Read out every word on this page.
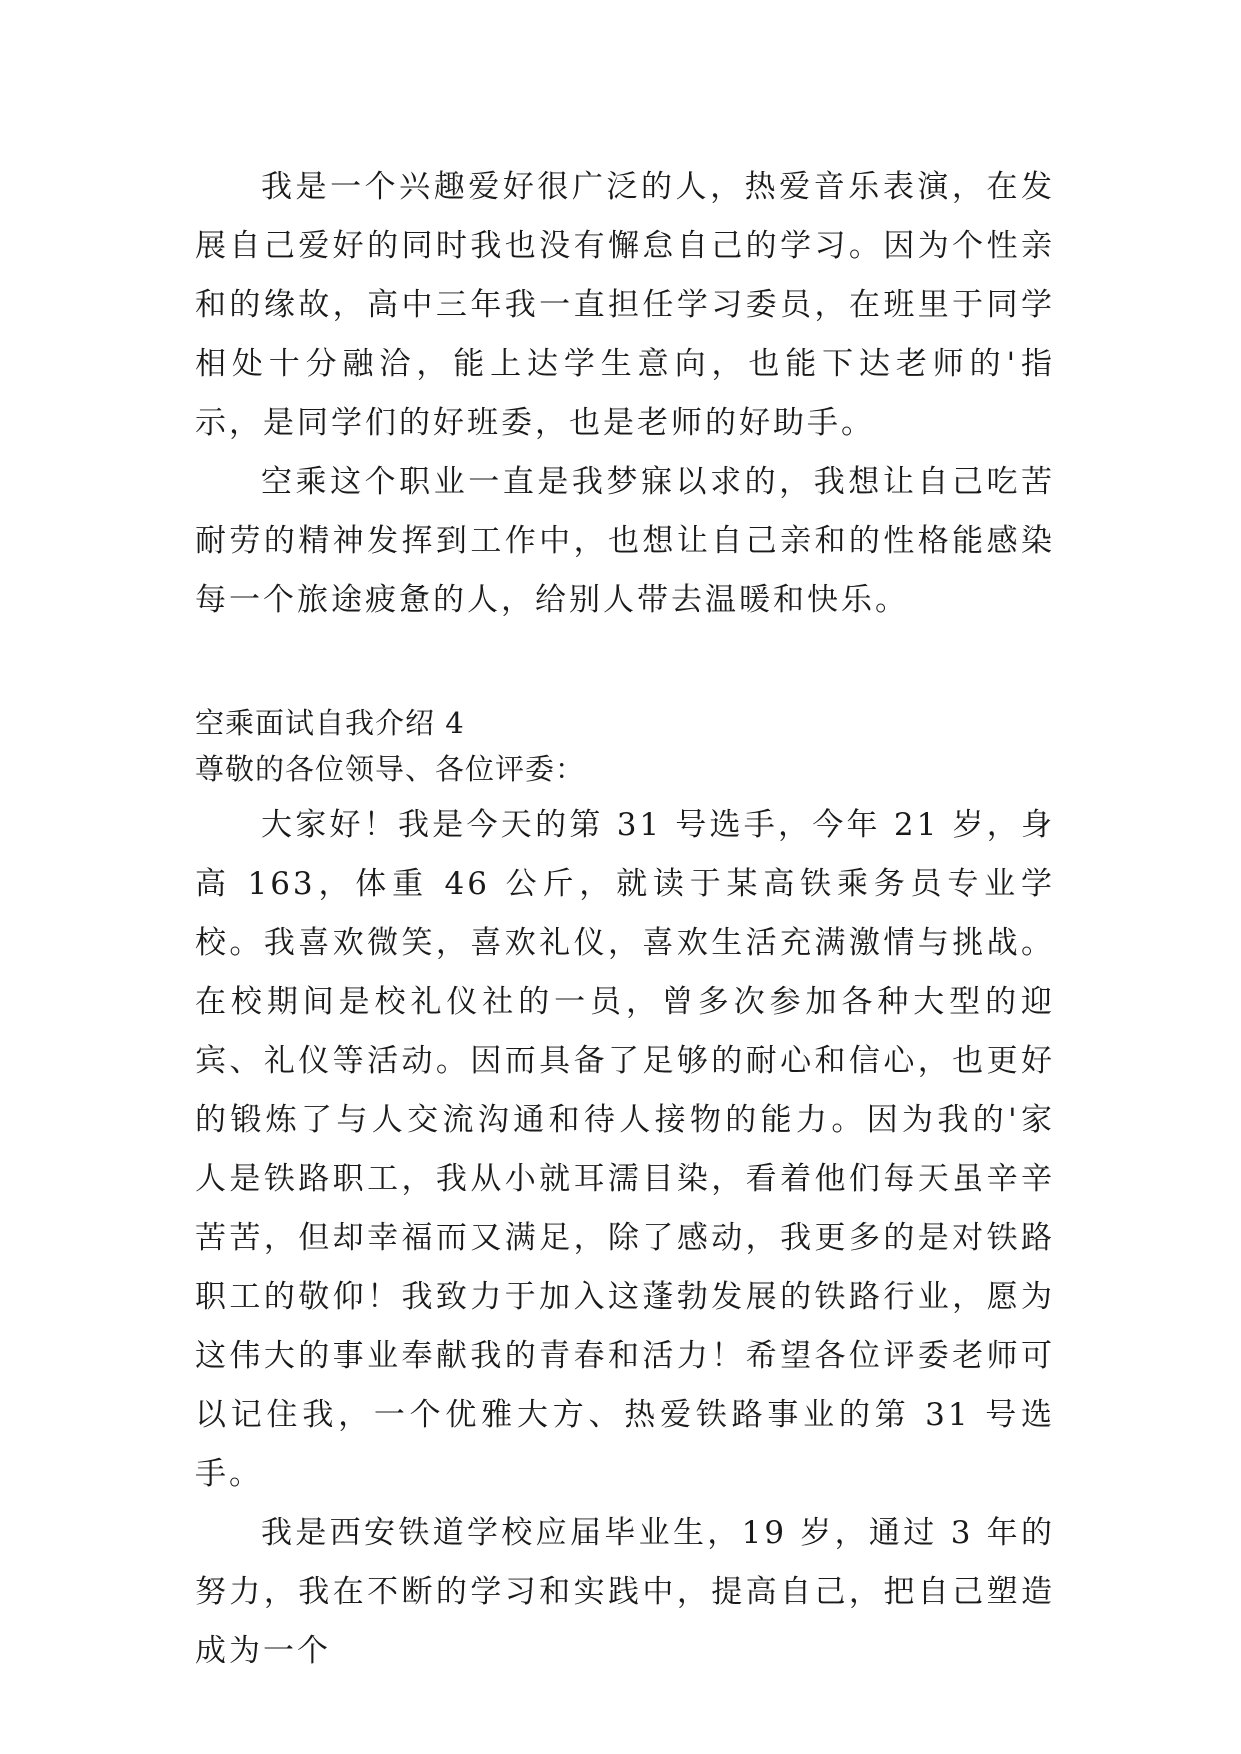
我是一个兴趣爱好很广泛的人，热爱音乐表演，在发展自己爱好的同时我也没有懈怠自己的学习。因为个性亲和的缘故，高中三年我一直担任学习委员，在班里于同学相处十分融洽，能上达学生意向，也能下达老师的'指示，是同学们的好班委，也是老师的好助手。

空乘这个职业一直是我梦寐以求的，我想让自己吃苦耐劳的精神发挥到工作中，也想让自己亲和的性格能感染每一个旅途疲惫的人，给别人带去温暖和快乐。

空乘面试自我介绍 4

尊敬的各位领导、各位评委：

大家好！我是今天的第 31 号选手，今年 21 岁，身高 163，体重 46 公斤，就读于某高铁乘务员专业学校。我喜欢微笑，喜欢礼仪，喜欢生活充满激情与挑战。在校期间是校礼仪社的一员，曾多次参加各种大型的迎宾、礼仪等活动。因而具备了足够的耐心和信心，也更好的锻炼了与人交流沟通和待人接物的能力。因为我的'家人是铁路职工，我从小就耳濡目染，看着他们每天虽辛辛苦苦，但却幸福而又满足，除了感动，我更多的是对铁路职工的敬仰！我致力于加入这蓬勃发展的铁路行业，愿为这伟大的事业奉献我的青春和活力！希望各位评委老师可以记住我，一个优雅大方、热爱铁路事业的第 31 号选手。

我是西安铁道学校应届毕业生，19 岁，通过 3 年的努力，我在不断的学习和实践中，提高自己，把自己塑造成为一个
